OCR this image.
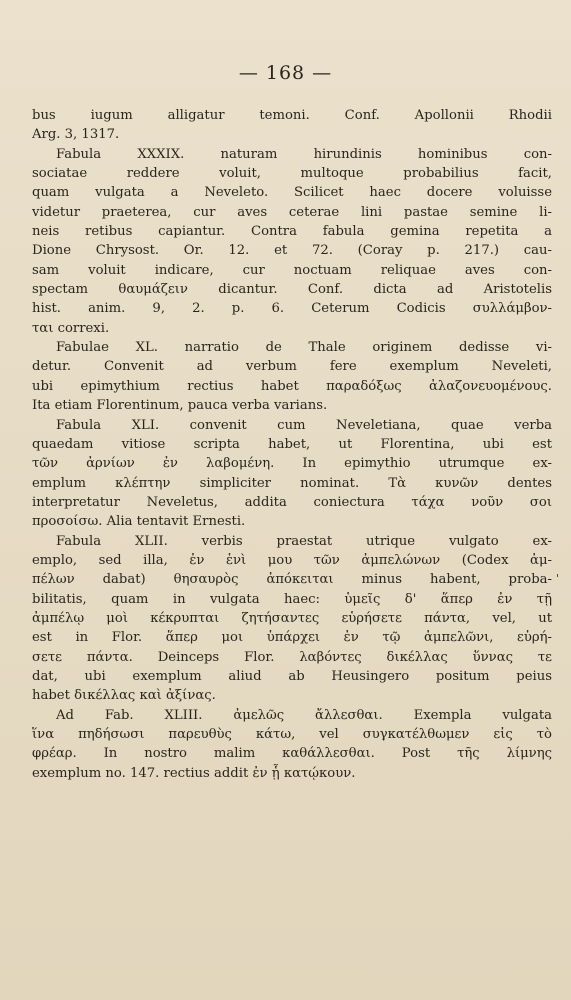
— 168 —
bus iugum alligatur temoni. Conf. Apollonii Rhodii
Arg. 3, 1317.
Fabula XXXIX. naturam hirundinis hominibus con-
sociatae reddere voluit, multoque probabilius facit,
quam vulgata a Neveleto. Scilicet haec docere voluisse
videtur praeterea, cur aves ceterae lini pastae semine li-
neis retibus capiantur. Contra fabula gemina repetita a
Dione Chrysost. Or. 12. et 72. (Coray p. 217.) cau-
sam voluit indicare, cur noctuam reliquae aves con-
spectam θαυμάζειν dicantur. Conf. dicta ad Aristotelis
hist. anim. 9, 2. p. 6. Ceterum Codicis συλλάμβον-
ται correxi.
Fabulae XL. narratio de Thale originem dedisse vi-
detur. Convenit ad verbum fere exemplum Neveleti,
ubi epimythium rectius habet παραδόξως ἀλαζονευομένους.
Ita etiam Florentinum, pauca verba varians.
Fabula XLI. convenit cum Neveletiana, quae verba
quaedam vitiose scripta habet, ut Florentina, ubi est
τῶν ἀρνίων ἐν λαβομένη. In epimythio utrumque ex-
emplum κλέπτην simpliciter nominat. Τὰ κυνῶν dentes
interpretatur Neveletus, addita coniectura τάχα νοῦν σοι
προσοίσω. Alia tentavit Ernesti.
Fabula XLII. verbis praestat utrique vulgato ex-
emplo, sed illa, ἐν ἑνὶ μου τῶν ἀμπελώνων (Codex ἀμ-
πέλων dabat) θησαυρὸς ἀπόκειται minus habent, proba-
bilitatis, quam in vulgata haec: ὑμεῖς δ' ἅπερ ἐν τῇ
ἀμπέλῳ μοὶ κέκρυπται ζητήσαντες εὑρήσετε πάντα, vel, ut
est in Flor. ἅπερ μοι ὑπάρχει ἐν τῷ ἀμπελῶνι, εὑρή-
σετε πάντα. Deinceps Flor. λαβόντες δικέλλας ὕννας τε
dat, ubi exemplum aliud ab Heusingero positum peius
habet δικέλλας καὶ ἀξίνας.
Ad Fab. XLIII. ἀμελῶς ἄλλεσθαι. Exempla vulgata
ἵνα πηδήσωσι παρευθὺς κάτω, vel συγκατέλθωμεν εἰς τὸ
φρέαρ. In nostro malim καθάλλεσθαι. Post τῆς λίμνης
exemplum no. 147. rectius addit ἐν ᾗ κατῴκουν.
'
